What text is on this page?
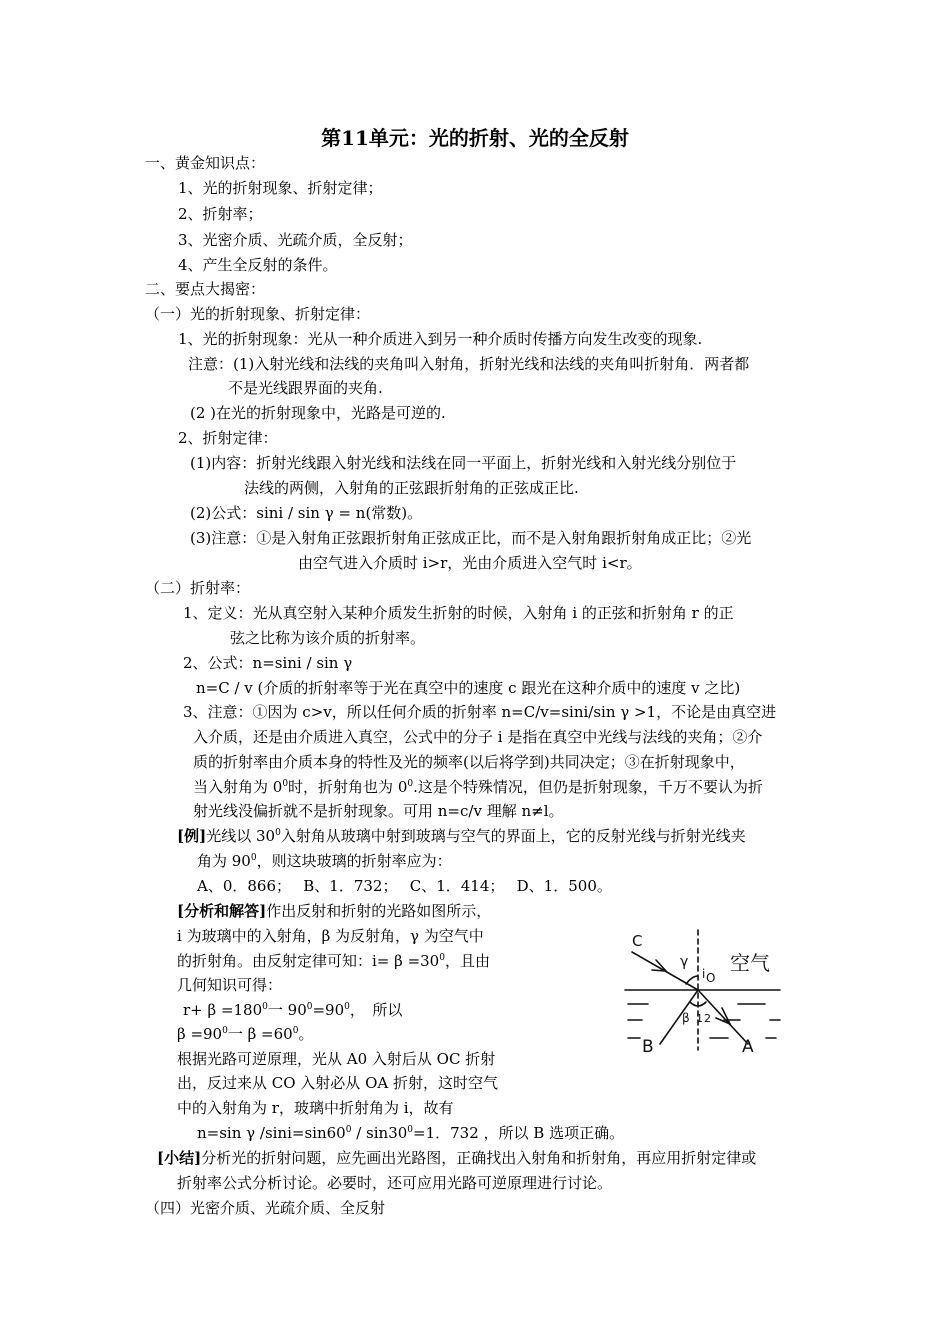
第11单元：光的折射、光的全反射
一、黄金知识点：
1、光的折射现象、折射定律；
2、折射率；
3、光密介质、光疏介质，全反射；
4、产生全反射的条件。
二、要点大揭密：
（一）光的折射现象、折射定律：
1、光的折射现象：光从一种介质进入到另一种介质时传播方向发生改变的现象.
注意：(1)入射光线和法线的夹角叫入射角，折射光线和法线的夹角叫折射角．两者都
不是光线跟界面的夹角.
(2 )在光的折射现象中，光路是可逆的.
2、折射定律：
(1)内容：折射光线跟入射光线和法线在同一平面上，折射光线和入射光线分别位于
法线的两侧，入射角的正弦跟折射角的正弦成正比.
(2)公式：sini / sin γ = n(常数)。
(3)注意：①是入射角正弦跟折射角正弦成正比，而不是入射角跟折射角成正比；②光
由空气进入介质时 i>r，光由介质进入空气时 i<r。
（二）折射率：
1、定义：光从真空射入某种介质发生折射的时候，入射角 i 的正弦和折射角 r 的正
弦之比称为该介质的折射率。
2、公式：n=sini / sin γ
n=C / v (介质的折射率等于光在真空中的速度 c 跟光在这种介质中的速度 v 之比)
3、注意：①因为 c>v，所以任何介质的折射率 n=C/v=sini/sin γ >1，不论是由真空进
入介质，还是由介质进入真空，公式中的分子 i 是指在真空中光线与法线的夹角；②介
质的折射率由介质本身的特性及光的频率(以后将学到)共同决定；③在折射现象中，
当入射角为 $0^0$时，折射角也为 $0^0$.这是个特殊情况，但仍是折射现象，千万不要认为折
射光线没偏折就不是折射现象。可用 n=c/v 理解 n≠l。
[例]光线以 $30^0$入射角从玻璃中射到玻璃与空气的界面上，它的反射光线与折射光线夹
角为 $90^0$，则这块玻璃的折射率应为：
A、0．866；　 B、1．732；　 C、1．414；　 D、1．500。
[分析和解答]作出反射和折射的光路如图所示，
i 为玻璃中的入射角，β 为反射角，γ 为空气中
的折射角。由反射定律可知：$i= \beta =30^0$，且由
几何知识可得：
$r+ \beta =180^0$一 $90^0=90^0$，　所以
$\beta =90^0$一 $\beta =60^0$。
根据光路可逆原理，光从 A0 入射后从 OC 折射
出，反过来从 CO 入射必从 OA 折射，这时空气
中的入射角为 r，玻璃中折射角为 i，故有
n=sin γ $/\sin i=\sin 60^0 / \sin 30^0=1$．732 ，所以 B 选项正确。
[小结]分析光的折射问题，应先画出光路图，正确找出入射角和折射角，再应用折射定律或
折射率公式分析讨论。必要时，还可应用光路可逆原理进行讨论。
（四）光密介质、光疏介质、全反射
C
γ
i O
空气
β 1 2
B	A
